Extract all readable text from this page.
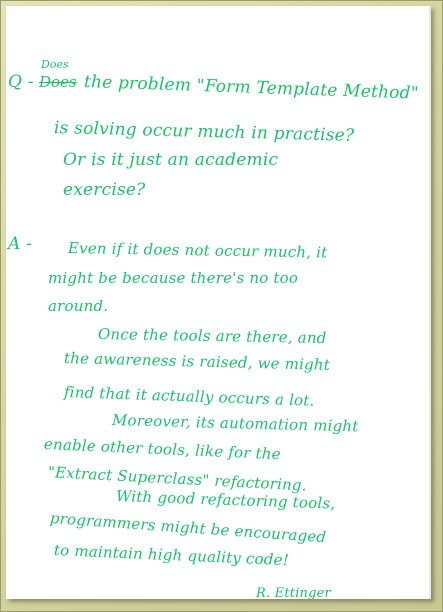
Q -
Does
Does the problem "Form Template Method"
is solving occur much in practise?
Or is it just an academic
exercise?
A - Even if it does not occur much, it
might be because there's no too
around.
Once the tools are there, and
the awareness is raised, we might
find that it actually occurs a lot.
Moreover, its automation might
enable other tools, like for the
"Extract Superclass" refactoring.
With good refactoring tools,
programmers might be encouraged
to maintain high quality code!
R. Ettinger
